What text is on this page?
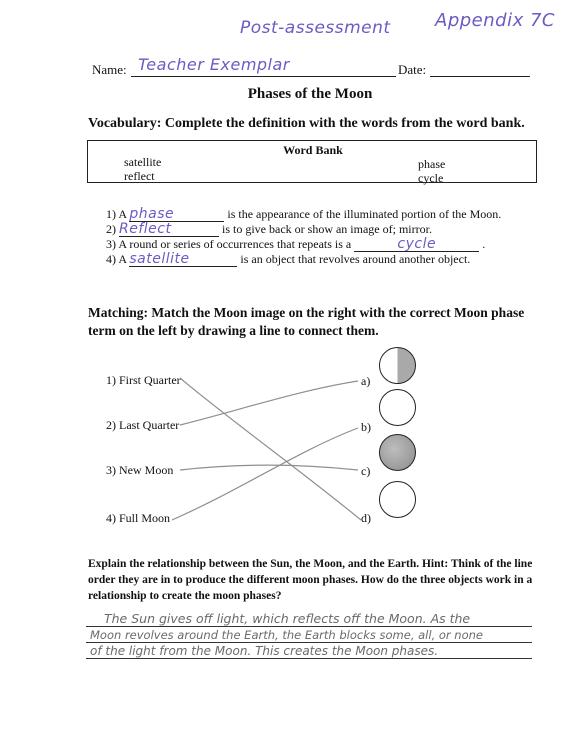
Post-assessment Appendix 7C
Name: Teacher Exemplar	Date:
Phases of the Moon
Vocabulary: Complete the definition with the words from the word bank.
Word Bank
satellite
reflect
phase
cycle
1) A phase	is the appearance of the illuminated portion of the Moon.
2) Reflect	is to give back or show an image of; mirror.
3) A round or series of occurrences that repeats is a	cycle	.
4) A satellite	is an object that revolves around another object.
Matching: Match the Moon image on the right with the correct Moon phase
term on the left by drawing a line to connect them.
1) First Quarter
2) Last Quarter
3) New Moon
4) Full Moon
a)
b)
c)
d)
Explain the relationship between the Sun, the Moon, and the Earth. Hint: Think of the line
order they are in to produce the different moon phases. How do the three objects work in a
relationship to create the moon phases?
The Sun gives off light, which reflects off the Moon. As the
Moon revolves around the Earth, the Earth blocks some, all, or none
of the light from the Moon. This creates the Moon phases.
